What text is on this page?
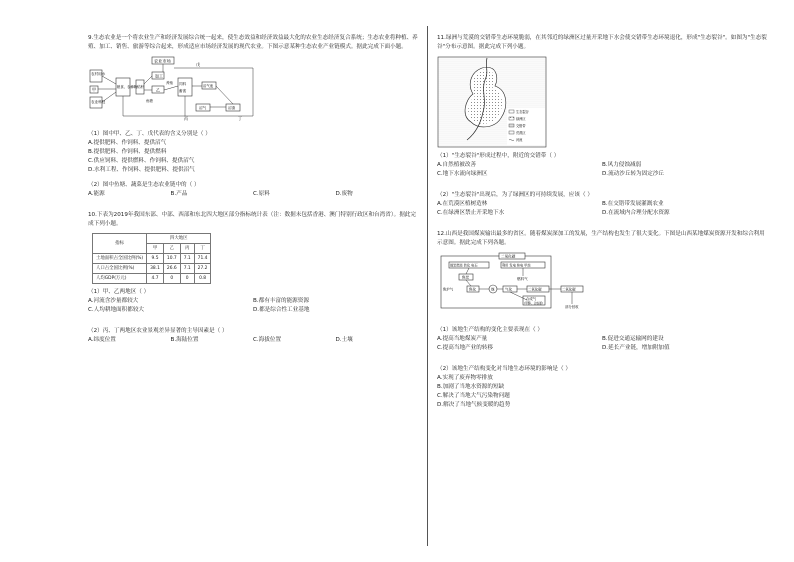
9.生态农业是一个将农业生产和经济发展综合统一起来，使生态效益和经济效益最大化的农业生态经济复合系统；生态农业将种植、养殖、加工、销售、旅游等综合起来，形成适应市场经济发展的现代农业。下图示意某种生态农业产业链模式。据此完成下面小题。

农业市场
农村用水
甲
农业科技
粮食、农作物 秸秆
加工
乙
饲料
畜禽
养殖
沼气池
沼气	沼渣
戊
丙	丁
鱼塘

（1）图中甲、乙、丁、戊代表的含义分别是（ ）

A.提供肥料、作饲料、提供沼气

B.提供肥料、作饲料、提供燃料

C.供应饲料、提供燃料、作饲料、提供沼气

D.水利工程、作饲料、提供肥料、提供沼气

（2）图中鱼塘、蔬菜是生态农业链中的（ ）

A.能源	B.产品	C.原料	D.废物

10.下表为2019年我国东部、中部、西部和东北四大地区部分指标统计表（注：数据未包括香港、澳门特别行政区和台湾省）。据此完成下列小题。

指标	四大地区			
	甲	乙	丙	丁
土地面积占全国比例(%)	9.5	10.7	7.1	71.4
人口占全国比例(%)	38.1	26.6	7.1	27.2
人均GDP(万元)	4.7	0	0	0.8

（1）甲、乙两地区（ ）

A.河流含沙量都较大	B.都有丰富的能源资源
C.人均耕地面积都较大	D.都是综合性工业基地

（2）丙、丁两地区农业景观差异显著的主导因素是（ ）

A.纬度位置	B.海陆位置	C.海拔位置	D.土壤

11.绿洲与荒漠的交错带生态环境脆弱，在其邻近的绿洲区过量开采地下水会使交错带生态环境退化，形成"生态裂谷"。如图为"生态裂谷"分布示意图。据此完成下列小题。

生态裂谷
绿洲区
交错带
荒漠区
河流

（1）"生态裂谷"形成过程中，附近的交错带（ ）

A.自然植被改善	B.风力侵蚀减弱
C.地下水流向绿洲区	D.流动沙丘转为固定沙丘

（2）"生态裂谷"出现后，为了绿洲区的可持续发展，应该（ ）

A.在荒漠区植树造林	B.在交错带发展灌溉农业
C.在绿洲区禁止开采地下水	D.在流域内合理分配水资源

12.山西是我国煤炭输出最多的省区。随着煤炭深加工的发展，生产结构也发生了很大变化。下图是山西某地煤炭资源开发和综合利用示意图。据此完成下列各题。

二氧化碳
煤炭燃烧 转化 电石	利用 发电 热电 甲烷
焦炭	燃料气
焦炉气	焦化	煤	气化	二氧化碳
合成气
(甲醇、合成氨)
二氧化碳
部分回收

（1）该地生产结构的变化主要表现在（ ）

A.提高当地煤炭产量	B.促进交通运输网的建设
C.提高当地产业的转移	D.延长产业链，增加附加值

（2）该地生产结构变化对当地生态环境的影响是（ ）

A.实现了废弃物零排放

B.加剧了当地水资源的短缺

C.解决了当地大气污染物问题

D.解决了当地气候变暖的趋势
